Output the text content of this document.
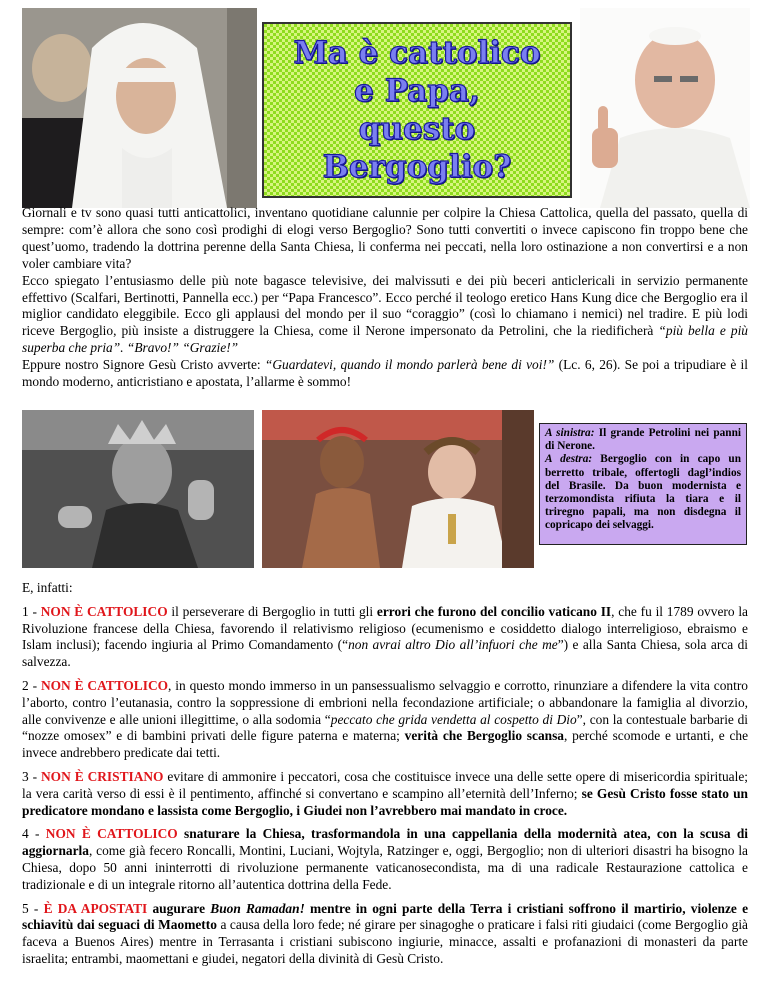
Ma è cattolico
e Papa,
questo
Bergoglio?

Giornali e tv sono quasi tutti anticattolici, inventano quotidiane calunnie per colpire la Chiesa Cattolica, quella del passato, quella di sempre: com’è allora che sono così prodighi di elogi verso Bergoglio? Sono tutti convertiti o invece capiscono fin troppo bene che quest’uomo, tradendo la dottrina perenne della Santa Chiesa, li conferma nei peccati, nella loro ostinazione a non convertirsi e a non voler cambiare vita?

Ecco spiegato l’entusiasmo delle più note bagasce televisive, dei malvissuti e dei più beceri anticlericali in servizio permanente effettivo (Scalfari, Bertinotti, Pannella ecc.) per “Papa Francesco”. Ecco perché il teologo eretico Hans Kung dice che Bergoglio era il miglior candidato eleggibile. Ecco gli applausi del mondo per il suo “coraggio” (così lo chiamano i nemici) nel tradire. E più lodi riceve Bergoglio, più insiste a distruggere la Chiesa, come il Nerone impersonato da Petrolini, che la riedificherà “più bella e più superba che pria”. “Bravo!” “Grazie!”

Eppure nostro Signore Gesù Cristo avverte: “Guardatevi, quando il mondo parlerà bene di voi!” (Lc. 6, 26). Se poi a tripudiare è il mondo moderno, anticristiano e apostata, l’allarme è sommo!

A sinistra: Il grande Petrolini nei panni di Nerone.
A destra: Bergoglio con in capo un berretto tribale, offertogli dagl’indios del Brasile. Da buon modernista e terzomondista rifiuta la tiara e il triregno papali, ma non disdegna il copricapo dei selvaggi.

E, infatti:

1 - NON È CATTOLICO il perseverare di Bergoglio in tutti gli errori che furono del concilio vaticano II, che fu il 1789 ovvero la Rivoluzione francese della Chiesa, favorendo il relativismo religioso (ecumenismo e cosiddetto dialogo interreligioso, ebraismo e Islam inclusi); facendo ingiuria al Primo Comandamento (“non avrai altro Dio all’infuori che me”) e alla Santa Chiesa, sola arca di salvezza.

2 - NON È CATTOLICO, in questo mondo immerso in un pansessualismo selvaggio e corrotto, rinunziare a difendere la vita contro l’aborto, contro l’eutanasia, contro la soppressione di embrioni nella fecondazione artificiale; o abbandonare la famiglia al divorzio, alle convivenze e alle unioni illegittime, o alla sodomia “peccato che grida vendetta al cospetto di Dio”, con la contestuale barbarie di “nozze omosex” e di bambini privati delle figure paterna e materna; verità che Bergoglio scansa, perché scomode e urtanti, e che invece andrebbero predicate dai tetti.

3 - NON È CRISTIANO evitare di ammonire i peccatori, cosa che costituisce invece una delle sette opere di misericordia spirituale; la vera carità verso di essi è il pentimento, affinché si convertano e scampino all’eternità dell’Inferno; se Gesù Cristo fosse stato un predicatore mondano e lassista come Bergoglio, i Giudei non l’avrebbero mai mandato in croce.

4 - NON È CATTOLICO snaturare la Chiesa, trasformandola in una cappellania della modernità atea, con la scusa di aggiornarla, come già fecero Roncalli, Montini, Luciani, Wojtyla, Ratzinger e, oggi, Bergoglio; non di ulteriori disastri ha bisogno la Chiesa, dopo 50 anni ininterrotti di rivoluzione permanente vaticanosecondista, ma di una radicale Restaurazione cattolica e tradizionale e di un integrale ritorno all’autentica dottrina della Fede.

5 - È DA APOSTATI augurare Buon Ramadan! mentre in ogni parte della Terra i cristiani soffrono il martirio, violenze e schiavitù dai seguaci di Maometto a causa della loro fede; né girare per sinagoghe o praticare i falsi riti giudaici (come Bergoglio già faceva a Buenos Aires) mentre in Terrasanta i cristiani subiscono ingiurie, minacce, assalti e profanazioni di monasteri da parte israelita; entrambi, maomettani e giudei, negatori della divinità di Gesù Cristo.
